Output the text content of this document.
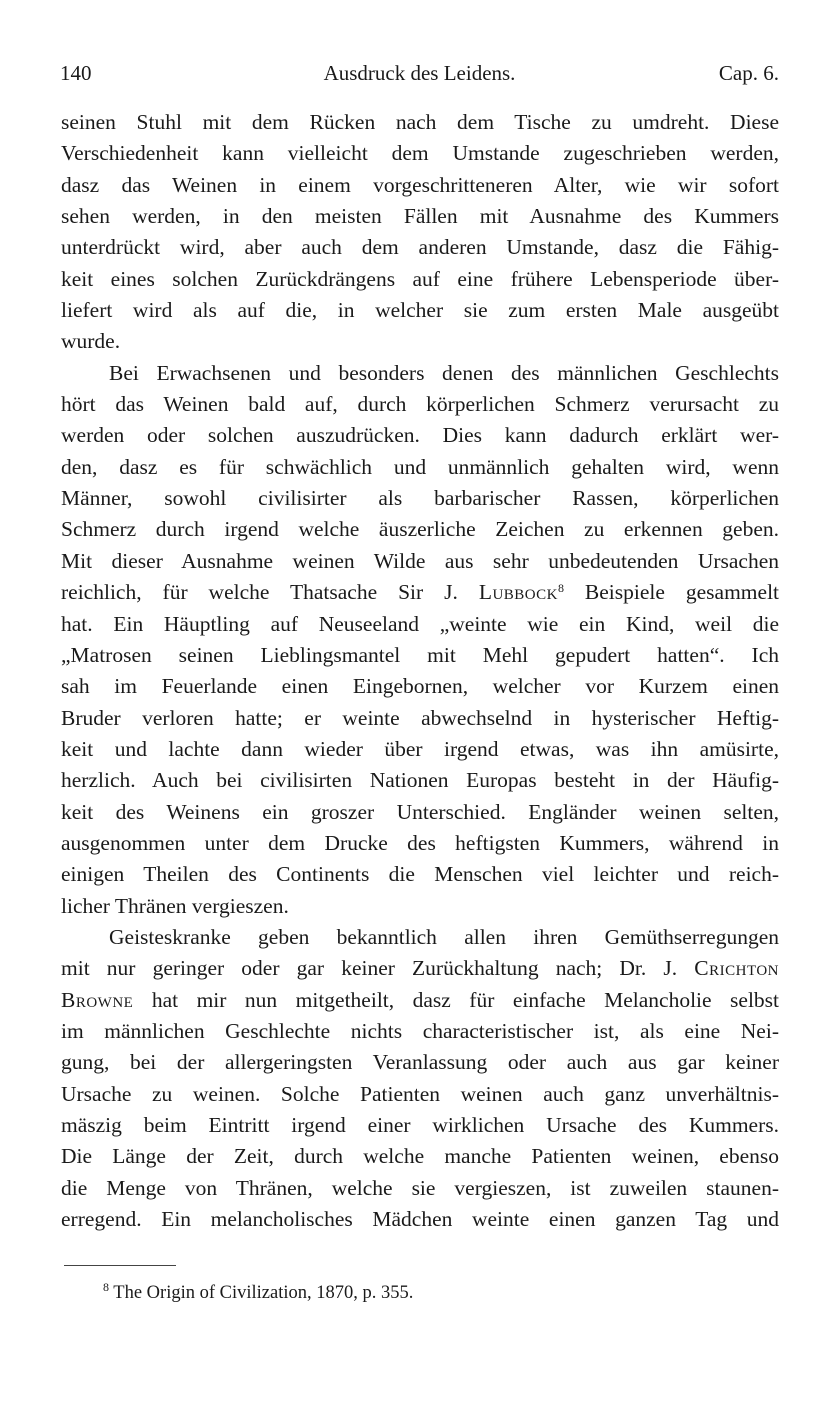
140	Ausdruck des Leidens.	Cap. 6.
seinen Stuhl mit dem Rücken nach dem Tische zu umdreht. Diese
Verschiedenheit kann vielleicht dem Umstande zugeschrieben werden,
dasz das Weinen in einem vorgeschritteneren Alter, wie wir sofort
sehen werden, in den meisten Fällen mit Ausnahme des Kummers
unterdrückt wird, aber auch dem anderen Umstande, dasz die Fähig-
keit eines solchen Zurückdrängens auf eine frühere Lebensperiode über-
liefert wird als auf die, in welcher sie zum ersten Male ausgeübt
wurde.
Bei Erwachsenen und besonders denen des männlichen Geschlechts
hört das Weinen bald auf, durch körperlichen Schmerz verursacht zu
werden oder solchen auszudrücken. Dies kann dadurch erklärt wer-
den, dasz es für schwächlich und unmännlich gehalten wird, wenn
Männer, sowohl civilisirter als barbarischer Rassen, körperlichen
Schmerz durch irgend welche äuszerliche Zeichen zu erkennen geben.
Mit dieser Ausnahme weinen Wilde aus sehr unbedeutenden Ursachen
reichlich, für welche Thatsache Sir J. Lubbock$^8$ Beispiele gesammelt
hat. Ein Häuptling auf Neuseeland „weinte wie ein Kind, weil die
„Matrosen seinen Lieblingsmantel mit Mehl gepudert hatten“. Ich
sah im Feuerlande einen Eingebornen, welcher vor Kurzem einen
Bruder verloren hatte; er weinte abwechselnd in hysterischer Heftig-
keit und lachte dann wieder über irgend etwas, was ihn amüsirte,
herzlich. Auch bei civilisirten Nationen Europas besteht in der Häufig-
keit des Weinens ein groszer Unterschied. Engländer weinen selten,
ausgenommen unter dem Drucke des heftigsten Kummers, während in
einigen Theilen des Continents die Menschen viel leichter und reich-
licher Thränen vergieszen.
Geisteskranke geben bekanntlich allen ihren Gemüthserregungen
mit nur geringer oder gar keiner Zurückhaltung nach; Dr. J. Crichton
Browne hat mir nun mitgetheilt, dasz für einfache Melancholie selbst
im männlichen Geschlechte nichts characteristischer ist, als eine Nei-
gung, bei der allergeringsten Veranlassung oder auch aus gar keiner
Ursache zu weinen. Solche Patienten weinen auch ganz unverhältnis-
mäszig beim Eintritt irgend einer wirklichen Ursache des Kummers.
Die Länge der Zeit, durch welche manche Patienten weinen, ebenso
die Menge von Thränen, welche sie vergieszen, ist zuweilen staunen-
erregend. Ein melancholisches Mädchen weinte einen ganzen Tag und
$^8$ The Origin of Civilization, 1870, p. 355.
